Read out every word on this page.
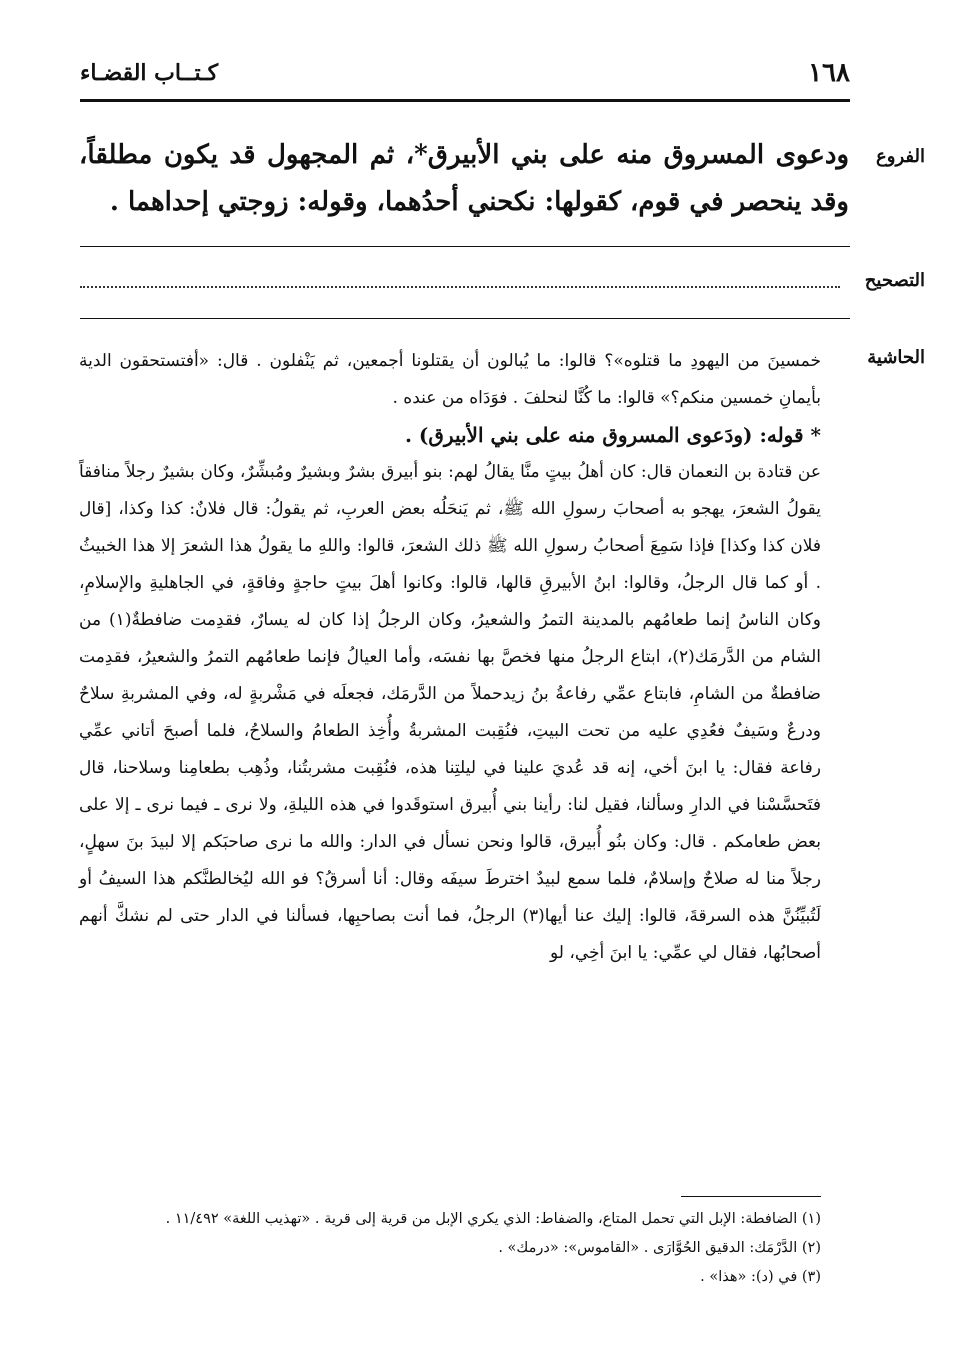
١٦٨
كـتــاب القضـاء
الفروع
ودعوى المسروق منه على بني الأبيرق*، ثم المجهول قد يكون مطلقاً، وقد ينحصر في قوم، كقولها: نكحني أحدُهما، وقوله: زوجتي إحداهما .
التصحيح
الحاشية

خمسينَ من اليهودِ ما قتلوه»؟ قالوا: ما يُبالون أن يقتلونا أجمعين، ثم يَنْفلون . قال: «أفتستحقون الدية بأيمانِ خمسين منكم؟» قالوا: ما كُنَّا لنحلفَ . فوَدَاه من عنده .

* قوله: (ودَعوى المسروق منه على بني الأبيرق) .

عن قتادة بن النعمان قال: كان أهلُ بيتٍ منَّا يقالُ لهم: بنو أبيرق بشرٌ وبشيرٌ ومُبشِّرٌ، وكان بشيرٌ رجلاً منافقاً يقولُ الشعرَ، يهجو به أصحابَ رسولِ الله ﷺ، ثم يَنحَلُه بعض العربِ، ثم يقولُ: قال فلانٌ: كذا وكذا، [قال فلان كذا وكذا] فإذا سَمِعَ أصحابُ رسولِ الله ﷺ ذلك الشعرَ، قالوا: واللهِ ما يقولُ هذا الشعرَ إلا هذا الخبيثُ . أو كما قال الرجلُ، وقالوا: ابنُ الأبيرقِ قالها، قالوا: وكانوا أهلَ بيتٍ حاجةٍ وفاقةٍ، في الجاهليةِ والإسلامِ، وكان الناسُ إنما طعامُهم بالمدينة التمرُ والشعيرُ، وكان الرجلُ إذا كان له يسارٌ، فقدِمت ضافطةٌ(١) من الشام من الدَّرمَك(٢)، ابتاع الرجلُ منها فخصَّ بها نفسَه، وأما العيالُ فإنما طعامُهم التمرُ والشعيرُ، فقدِمت ضافطةٌ من الشامِ، فابتاع عمِّي رفاعةُ بنُ زيدحملاً من الدَّرمَك، فجعلَه في مَشْربةٍ له، وفي المشربةِ سلاحٌ ودرعٌ وسَيفٌ فعُدِي عليه من تحت البيتِ، فنُقِبت المشربةُ وأُخِذ الطعامُ والسلاحُ، فلما أصبحَ أتاني عمِّي رفاعة فقال: يا ابنَ أخي، إنه قد عُديَ علينا في ليلتِنا هذه، فنُقِبت مشربتُنا، وذُهِب بطعامِنا وسلاحنا، قال فتَحسَّسْنا في الدارِ وسألنا، فقيل لنا: رأينا بني أُبيرق استوقَدوا في هذه الليلةِ، ولا نرى ـ فيما نرى ـ إلا على بعض طعامكم . قال: وكان بنُو أُبيرق، قالوا ونحن نسأل في الدار: والله ما نرى صاحبَكم إلا لبيدَ بنَ سهلٍ، رجلاً منا له صلاحٌ وإسلامٌ، فلما سمع لبيدٌ اخترطَ سيفَه وقال: أنا أسرقُ؟ فو الله ليُخالطنَّكم هذا السيفُ أو لَتُبيِّنُنَّ هذه السرقةَ، قالوا: إليك عنا أيها(٣) الرجلُ، فما أنت بصاحبِها، فسألنا في الدار حتى لم نشكَّ أنهم أصحابُها، فقال لي عمِّي: يا ابنَ أخِي، لو

(١) الضافطة: الإبل التي تحمل المتاع، والضفاط: الذي يكري الإبل من قرية إلى قرية . «تهذيب اللغة» ١١/٤٩٢ .
(٢) الدَّرْمَك: الدقيق الحُوَّارَى . «القاموس»: «درمك» .
(٣) في (د): «هذا» .
